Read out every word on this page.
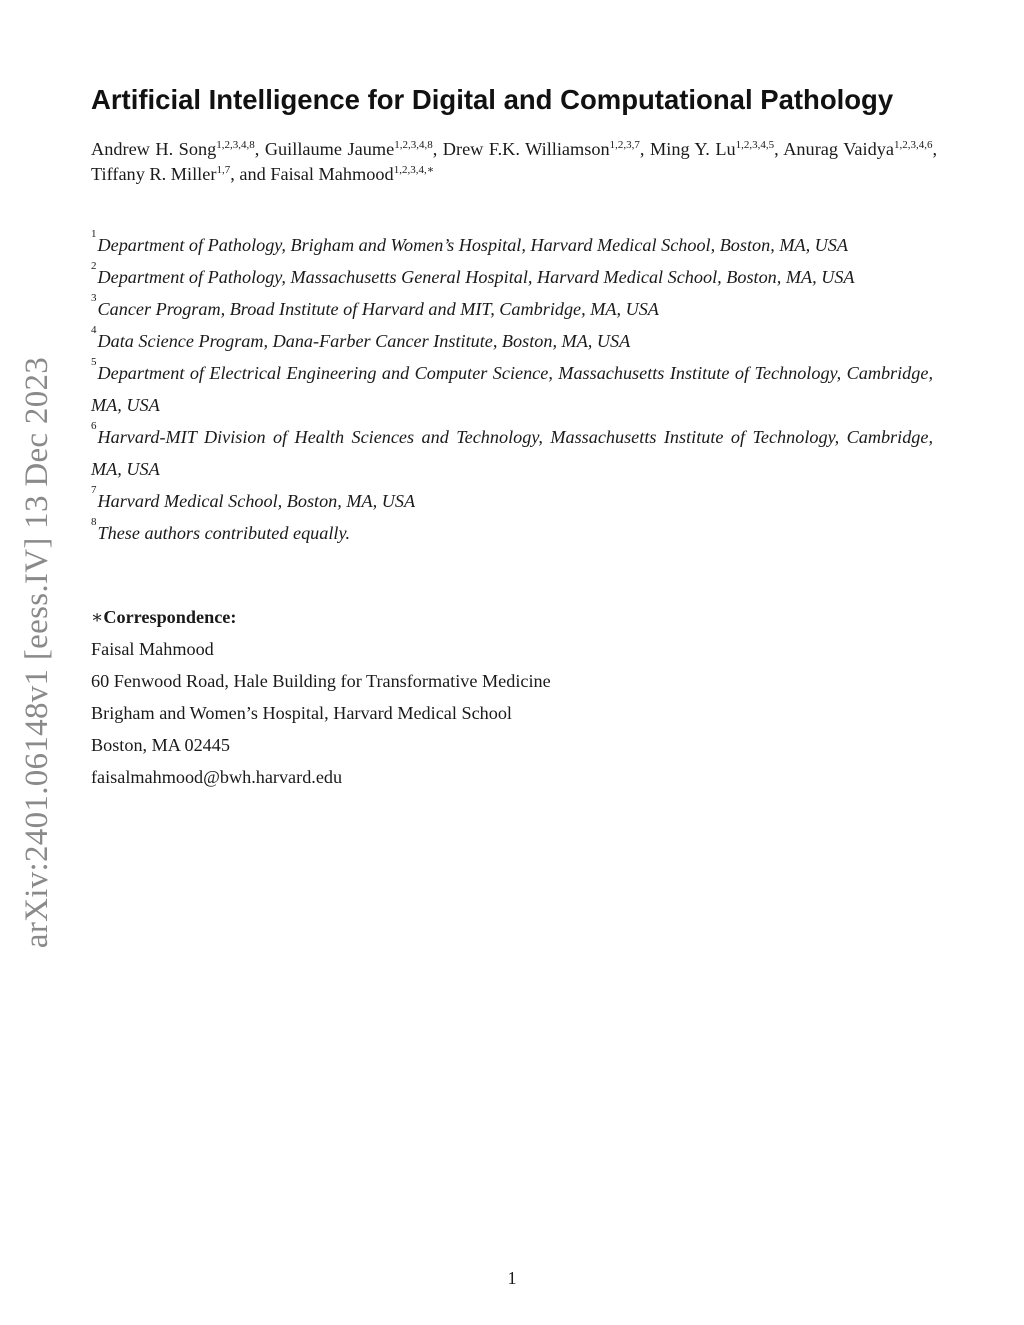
arXiv:2401.06148v1 [eess.IV] 13 Dec 2023
Artificial Intelligence for Digital and Computational Pathology
Andrew H. Song$^{1,2,3,4,8}$, Guillaume Jaume$^{1,2,3,4,8}$, Drew F.K. Williamson$^{1,2,3,7}$, Ming Y. Lu$^{1,2,3,4,5}$, Anurag Vaidya$^{1,2,3,4,6}$, Tiffany R. Miller$^{1,7}$, and Faisal Mahmood$^{1,2,3,4,∗}$
$^1$Department of Pathology, Brigham and Women’s Hospital, Harvard Medical School, Boston, MA, USA
$^2$Department of Pathology, Massachusetts General Hospital, Harvard Medical School, Boston, MA, USA
$^3$Cancer Program, Broad Institute of Harvard and MIT, Cambridge, MA, USA
$^4$Data Science Program, Dana-Farber Cancer Institute, Boston, MA, USA
$^5$Department of Electrical Engineering and Computer Science, Massachusetts Institute of Technology, Cambridge, MA, USA
$^6$Harvard-MIT Division of Health Sciences and Technology, Massachusetts Institute of Technology, Cambridge, MA, USA
$^7$Harvard Medical School, Boston, MA, USA
$^8$These authors contributed equally.
∗Correspondence:
Faisal Mahmood
60 Fenwood Road, Hale Building for Transformative Medicine
Brigham and Women’s Hospital, Harvard Medical School
Boston, MA 02445
faisalmahmood@bwh.harvard.edu
1
